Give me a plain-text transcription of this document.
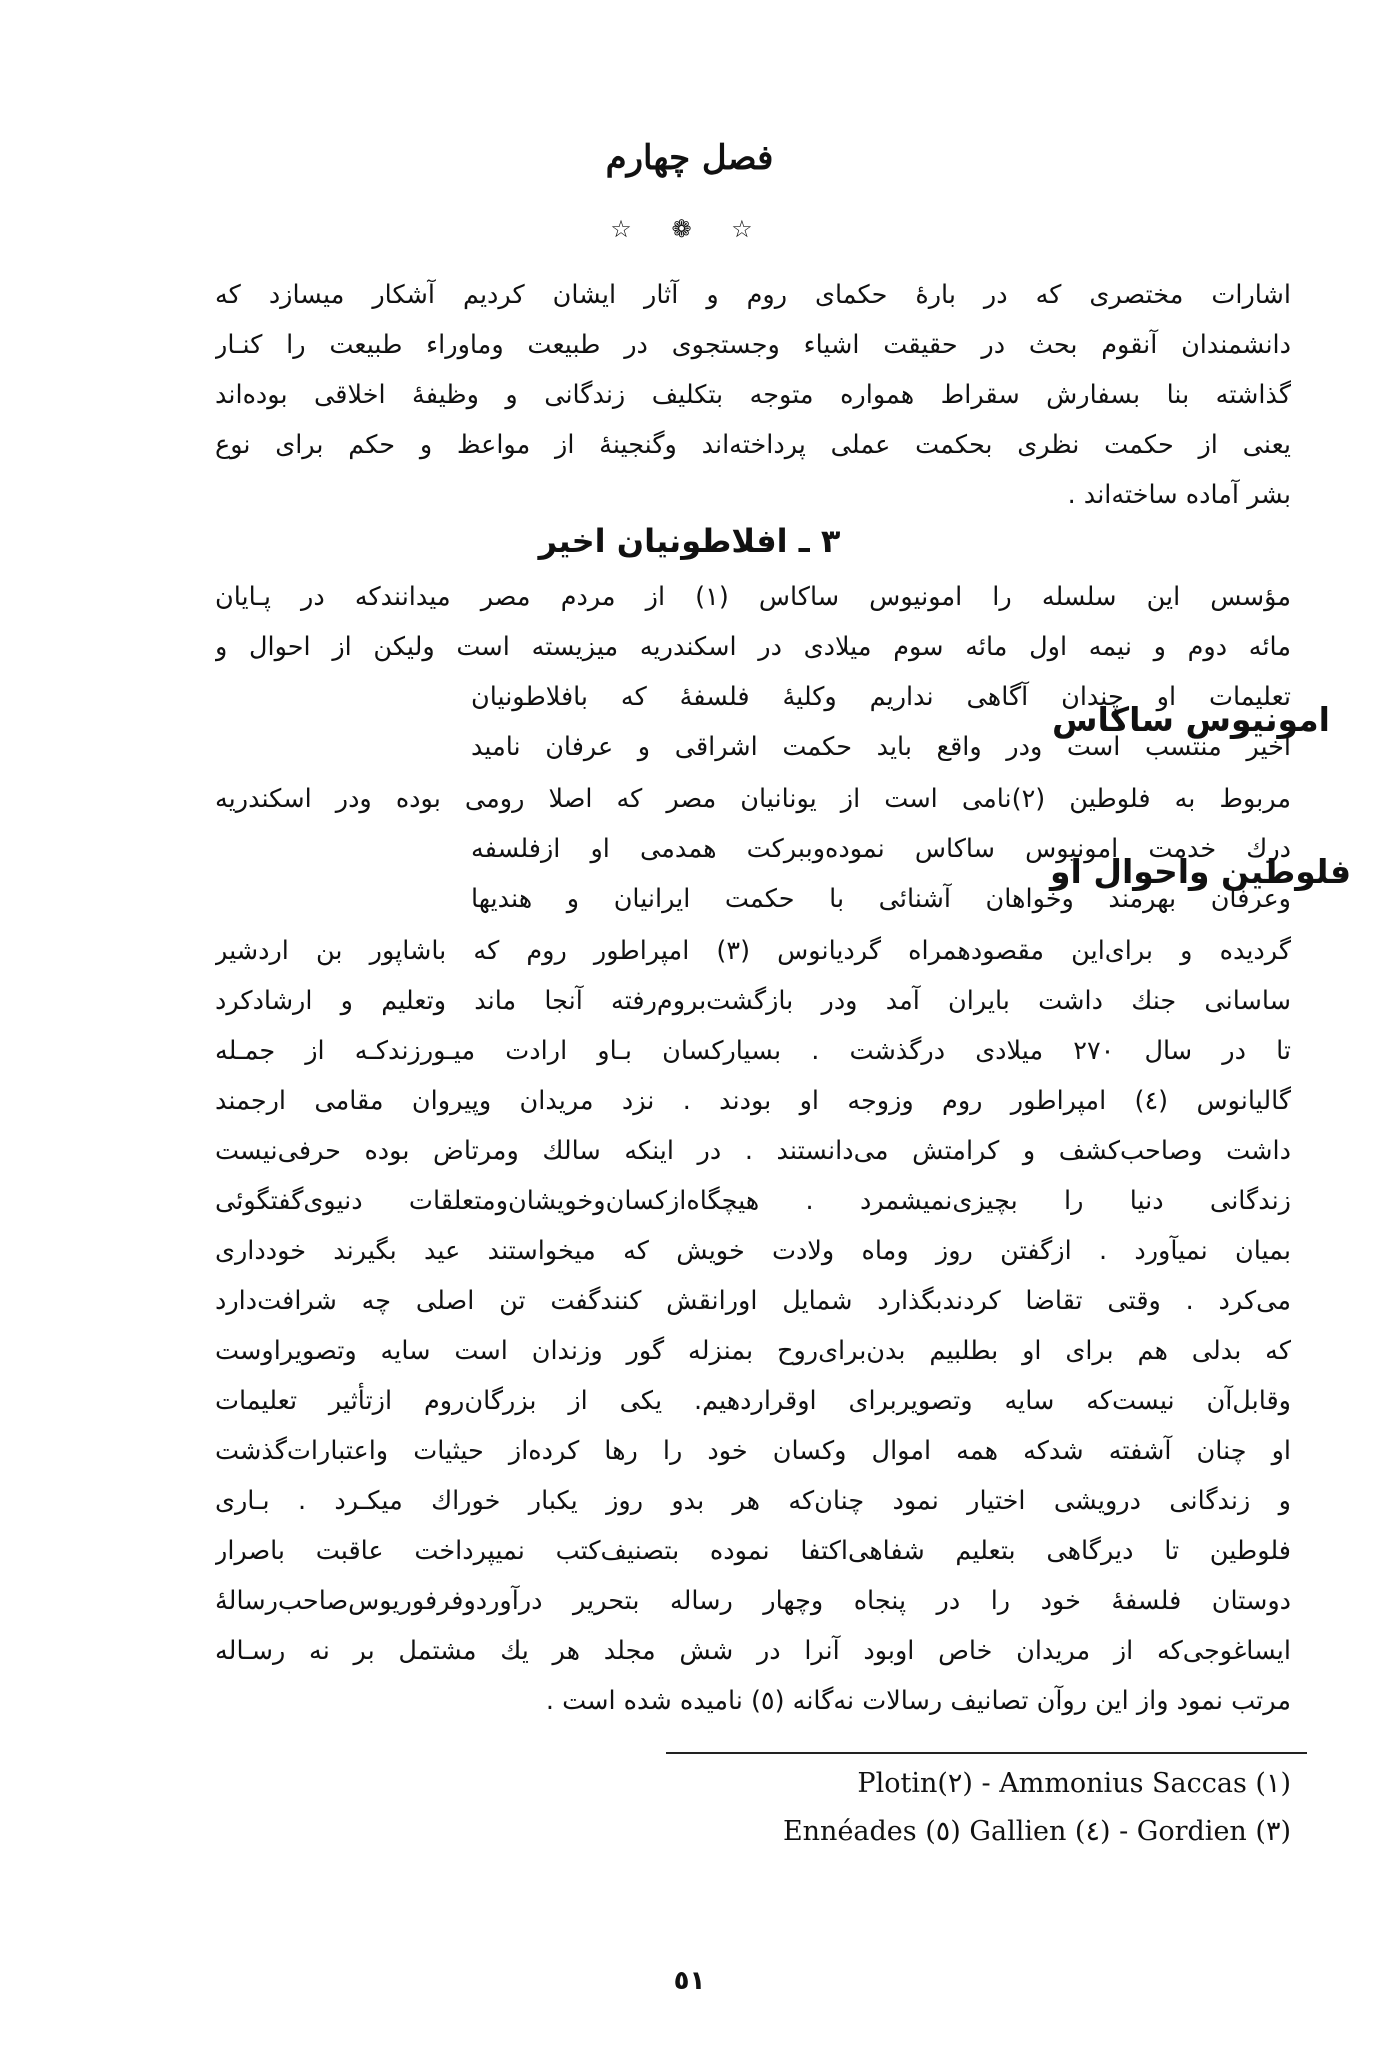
فصل چهارم
☆ ❁ ☆
اشارات مختصری که در بارهٔ حکمای روم و آثار ایشان کردیم آشکار میسازد که
دانشمندان آنقوم بحث در حقیقت اشیاء وجستجوی در طبیعت وماوراء طبیعت را کنـار
گذاشته بنا بسفارش سقراط همواره متوجه بتکلیف زندگانی و وظیفهٔ اخلاقی بوده‌اند
یعنی از حکمت نظری بحکمت عملی پرداخته‌اند وگنجینهٔ از مواعظ و حکم برای نوع
بشر آماده ساخته‌اند .
۳ ـ افلاطونیان اخیر
مؤسس این سلسله را امونیوس ساکاس (۱) از مردم مصر میدانندکه در پـایان
مائه دوم و نیمه اول مائه سوم میلادی در اسکندریه میزیسته است ولیکن از احوال و
تعلیمات او چندان آگاهی نداریم وکلیهٔ فلسفهٔ که بافلاطونیان
اخیر منتسب است ودر واقع باید حکمت اشراقی و عرفان نامید
امونیوس ساکاس
مربوط به فلوطین (۲)نامی است از یونانیان مصر که اصلا رومی بوده ودر اسکندریه
درك خدمت امونیوس ساکاس نموده‌وببرکت همدمی او ازفلسفه
وعرفان بهرمند وخواهان آشنائی با حکمت ایرانیان و هندیها
فلوطین واحوال او
گردیده و برای‌این مقصود‌همراه گردیانوس (۳) امپراطور روم که باشاپور بن اردشیر
ساسانی جنك داشت بایران آمد ودر بازگشت‌بروم‌رفته آنجا ماند وتعلیم و ارشادکرد
تا در سال ۲۷۰ میلادی درگذشت . بسیارکسان بـاو ارادت میـورزندکـه از جمـله
گالیانوس (٤) امپراطور روم وزوجه او بودند . نزد مریدان وپیروان مقامی ارجمند
داشت وصاحب‌کشف و کرامتش می‌دانستند . در اینکه سالك ومرتاض بوده حرفی‌نیست
زندگانی دنیا را بچیزی‌نمیشمرد . هیچگاه‌ازکسان‌وخویشان‌ومتعلقات دنیوی‌گفتگوئی
بمیان نمیآورد . ازگفتن روز وماه ولادت خویش که میخواستند عید بگیرند خودداری
می‌کرد . وقتی تقاضا کردندبگذارد شمایل اورانقش کنندگفت تن اصلی چه شرافت‌دارد
که بدلی هم برای او بطلبیم بدن‌برای‌روح بمنزله گور وزندان است سایه وتصویراوست
وقابل‌آن نیست‌که سایه وتصویر‌برای اوقراردهیم. یکی از بزرگان‌روم ازتأثیر تعلیمات
او چنان آشفته شدکه همه اموال وکسان خود را رها کرده‌از حیثیات واعتبارات‌گذشت
و زندگانی درویشی اختیار نمود چنان‌که هر بدو روز یکبار خوراك میکـرد . بـاری
فلوطین تا دیرگاهی بتعلیم شفاهی‌اکتفا نموده بتصنیف‌کتب نمیپرداخت عاقبت باصرار
دوستان فلسفهٔ خود را در پنجاه وچهار رساله بتحریر درآوردوفرفوریوس‌صاحب‌رسالهٔ
ایساغوجی‌که از مریدان خاص اوبود آنرا در شش مجلد هر یك مشتمل بر نه رسـاله
مرتب نمود واز این روآن تصانیف رسالات نه‌گانه (٥) نامیده شده است .
Plotin(٢) - Ammonius Saccas (١)
Ennéades (٥) Gallien (٤) - Gordien (٣)
٥١
